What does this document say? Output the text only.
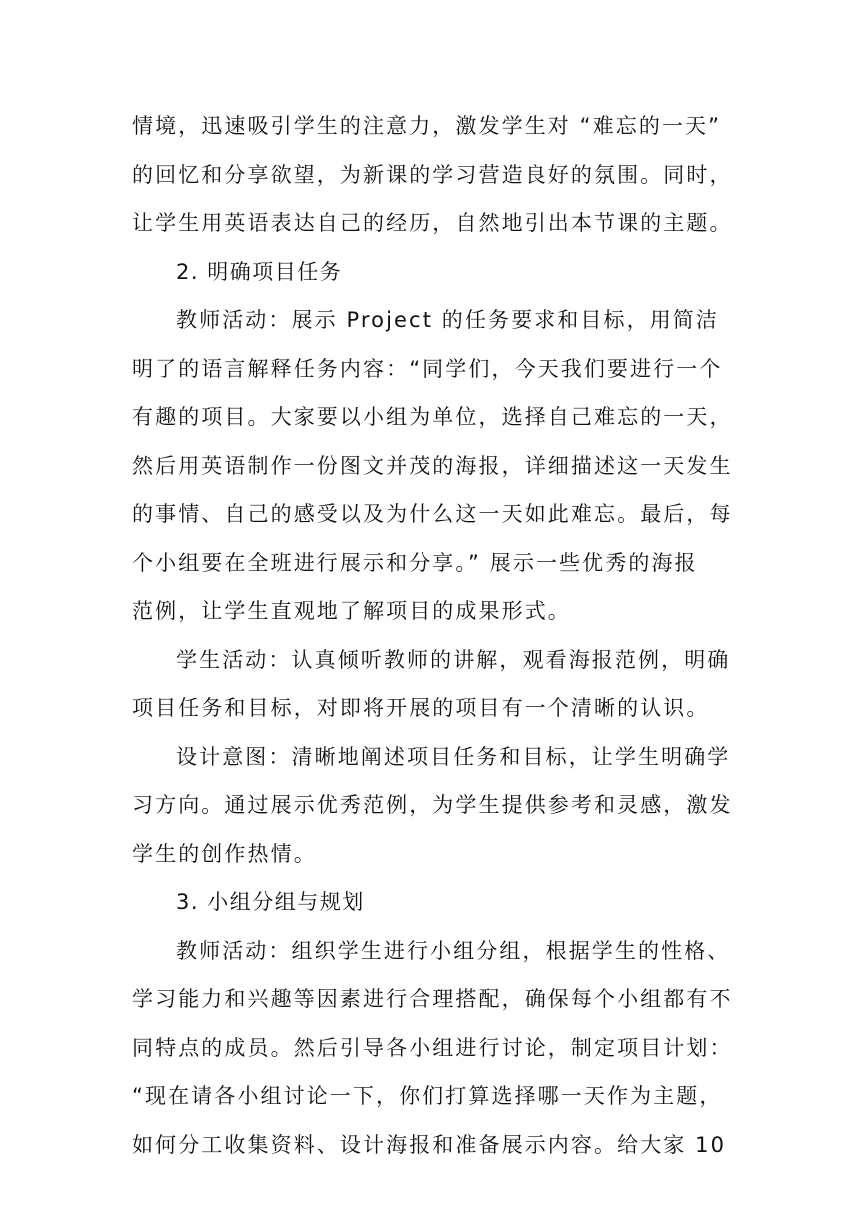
情境，迅速吸引学生的注意力，激发学生对 “难忘的一天”
的回忆和分享欲望，为新课的学习营造良好的氛围。同时，
让学生用英语表达自己的经历，自然地引出本节课的主题。
2. 明确项目任务
教师活动：展示 Project 的任务要求和目标，用简洁
明了的语言解释任务内容：“同学们，今天我们要进行一个
有趣的项目。大家要以小组为单位，选择自己难忘的一天，
然后用英语制作一份图文并茂的海报，详细描述这一天发生
的事情、自己的感受以及为什么这一天如此难忘。最后，每
个小组要在全班进行展示和分享。” 展示一些优秀的海报
范例，让学生直观地了解项目的成果形式。
学生活动：认真倾听教师的讲解，观看海报范例，明确
项目任务和目标，对即将开展的项目有一个清晰的认识。
设计意图：清晰地阐述项目任务和目标，让学生明确学
习方向。通过展示优秀范例，为学生提供参考和灵感，激发
学生的创作热情。
3. 小组分组与规划
教师活动：组织学生进行小组分组，根据学生的性格、
学习能力和兴趣等因素进行合理搭配，确保每个小组都有不
同特点的成员。然后引导各小组进行讨论，制定项目计划：
“现在请各小组讨论一下，你们打算选择哪一天作为主题，
如何分工收集资料、设计海报和准备展示内容。给大家 10
